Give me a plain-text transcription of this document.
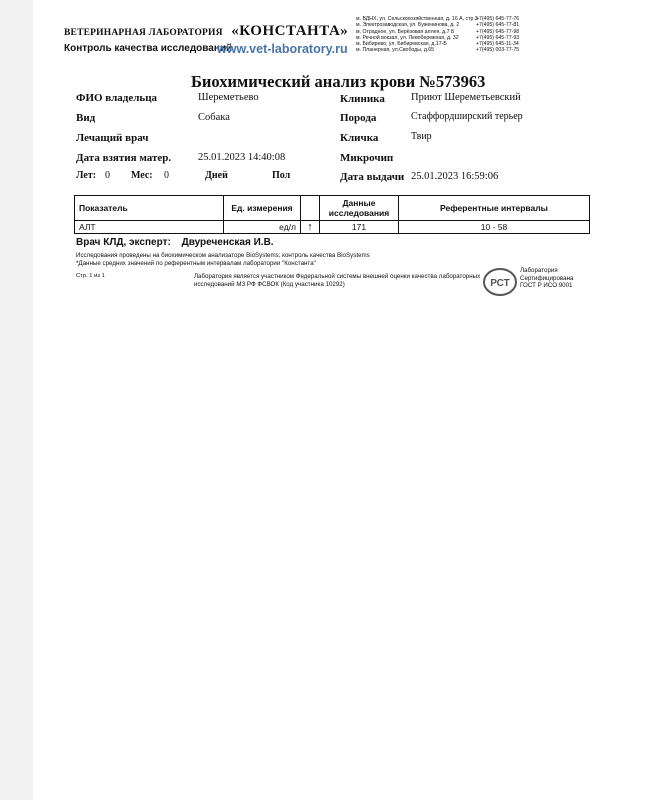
ВЕТЕРИНАРНАЯ ЛАБОРАТОРИЯ «КОНСТАНТА»
Контроль качества исследований
www.vet-laboratory.ru
м. ВДНХ, ул. Сельскохозяйственная, д. 16 А, стр.3
м. Электрозаводская, ул. Буженинова, д. 2
м. Отрадное, ул. Берёзовая аллея, д.7 Б
м. Речной вокзал, ул. Левобережная, д. 32
м. Бибирево, ул. Бибиревская, д.17-Б
м. Планерная, ул.Свободы, д.65
+7(495) 645-77-76
+7(495) 645-77-81
+7(495) 645-77-98
+7(495) 645-77-93
+7(495) 645-11-34
+7(495) 003-77-75
Биохимический анализ крови №573963
ФИО владельца	Шереметьево
Вид	Собака
Лечащий врач
Дата взятия матер.	25.01.2023 14:40:08
Лет: 0 Мес: 0	Дней	Пол
Клиника Приют Шереметьевский
Порода	Стаффордширский терьер
Кличка	Твир
Микрочип
Дата выдачи 25.01.2023 16:59:06
Показатель	Ед. измерения		Данные
исследования	Референтные интервалы
АЛТ	ед/л	↑	171	10 - 58
Врач КЛД, эксперт: Двуреченская И.В.
Исследования проведены на биохимическом анализаторе BioSystems; контроль качества BioSystems
*Данные средних значений по референтным интервалам лаборатории "Константа"
Стр. 1 из 1	Лаборатория является участником Федеральной системы внешней оценки качества лабораторных исследований МЗ РФ ФСВОК (Код участника 10292)	РСТ
Лаборатория
Сертифицирована
ГОСТ Р ИСО 9001
